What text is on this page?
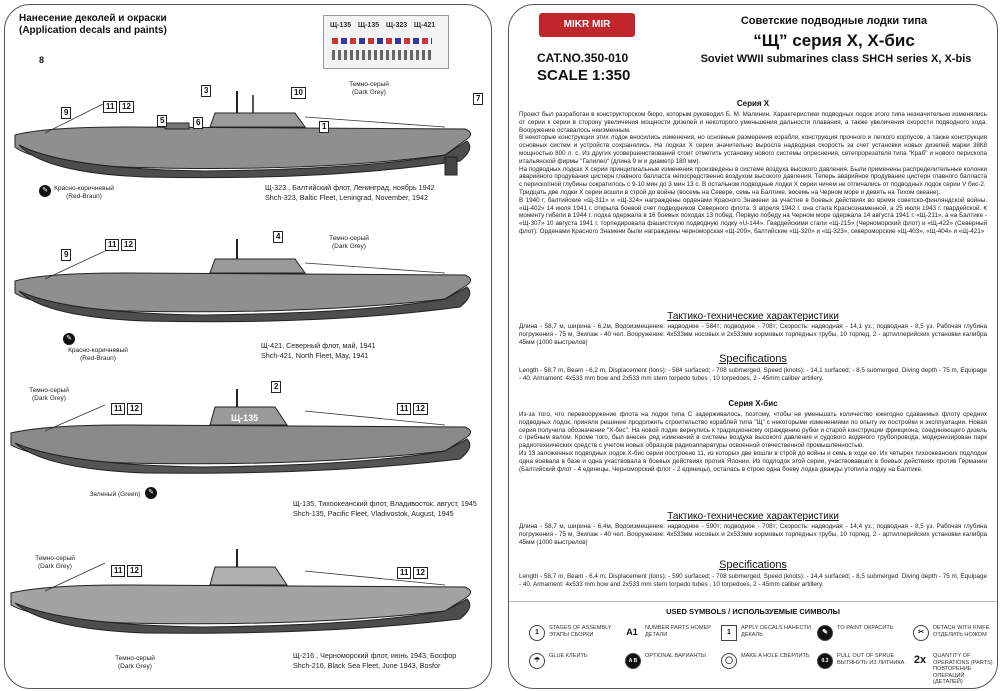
Нанесение деколей и окраски
(Application decals and paints)	Щ-135 Щ-135 Щ-323 Щ-421
8
3	10
9
11 12
5	6	1
7
Темно-серый
(Dark Grey)
✎ Красно-коричневый
(Red-Braun)
Щ-323 , Балтийский флот, Ленинград, ноябрь 1942
Shch-323, Baltic Fleet, Leningrad, November, 1942
9
11 12
4	Темно-серый
(Dark Grey)
✎
Красно-коричневый
(Red-Braun)
Щ-421, Северный флот, май, 1941
Shch-421, North Fleet, May, 1941
2
11 12	11 12
Щ-135
Темно-серый
(Dark Grey)
Зеленый (Green)	✎
Щ-135, Тихоокеанский флот, Владивосток, август, 1945
Shch-135, Pacific Fleet, Vladivostok, August, 1945
11 12	11 12
Темно-серый
(Dark Grey)
Темно-серый
(Dark Grey)
Щ-216 , Черноморский флот, июнь 1943, Босфор
Shch-216, Black Sea Fleet, June 1943, Bosfor
MIKR MIR
CAT.NO.350-010
SCALE 1:350
Советские подводные лодки типа
“Щ” серия Х, Х-бис
Soviet WWII submarines class SHCH series X, X-bis
Серия Х
Проект был разработан в конструкторском бюро, которым руководил Б. М. Малинин. Характеристики подводных лодок этого типа незначительно изменялись от серии к серии в сторону увеличения мощности дизелей и некоторого уменьшения дальности плавания, а также увеличения скорости подводного хода. Вооружение оставалось неизменным.
В некоторые конструкции этих лодок вносились изменения, но основные размерения корабля, конструкция прочного и легкого корпусов, а также конструкция основных систем и устройств сохранялись. На лодках Х серии значительно выросла надводная скорость за счет установки новых дизелей марки 38К8 мощностью 800 л. с. Из других усовершенствований стоит отметить установку нового системы опреснения, сетепрорезателя типа "Краб" и нового перископа итальянской фирмы "Галилео" (длина 9 м и диаметр 180 мм).
На подводных лодках Х серии принципиальные изменения произведены в системе воздуха высокого давления. Были применены распределительные колонки аварийного продувания цистерн главного балласта непосредственно воздухом высокого давления. Теперь аварийное продувание цистерн главного балласта с перископной глубины сократилось с 9-10 мин до 3 мин 13 с. В остальном подводные лодки Х серии ничем не отличались от подводных лодок серии V бис-2.
Тридцать две лодки Х серии вошли в строй до войны (восемь на Севере, семь на Балтике, восемь на Черном море и девять на Тихом океане).
В 1940 г. балтийские «Щ-311» и «Щ-324» награждены орденами Красного Знамени за участие в боевых действиях во время советско-финляндской войны. «Щ-402» 14 июля 1941 г. открыла боевой счет подводников Северного флота. 3 апреля 1942 г. она стала Краснознаменной, а 25 июля 1943 г. гвардейской. К моменту гибели в 1944 г. лодка одержала в 16 боевых походах 13 побед. Первую победу на Черном море одержала 14 августа 1941 г. «Щ-211», а на Балтике - «Щ-307» 10 августа 1941 г. торпедировала фашистскую подводную лодку «U-144». Гвардейскими стали «Щ-215» (Черноморский флот) и «Щ-422» (Северный флот). Орденами Красного Знамени были награждены черноморская «Щ-209», балтийские «Щ-320» и «Щ-323», североморские «Щ-403», «Щ-404» и «Щ-421»
Тактико-технические характеристики
Длина - 58,7 м, ширина - 6,2м, Водоизмещение: надводное - 584т; подводное - 708т; Скорость: надводная - 14,1 уз.; подводная - 8,5 уз. Рабочая глубина погружения - 75 м, Экипаж - 40 чел. Вооружение: 4х533мм носовых и 2х533мм кормовых торпедных трубы, 10 торпед, 2 - артиллерийских установки калибра 45мм (1000 выстрелов)
Specifications
Length - 58,7 m, Beam - 6,2 m, Displacement (tons): - 584 surfaced; - 708 submerged, Speed (knots): - 14,1 surfaced; - 8,5 submerged. Diving depth - 75 m, Equipage - 40. Armament: 4x533 mm bow and 2x533 mm stern torpedo tubes , 10 torpedoes, 2 - 45mm caliber artillery.
Серия Х-бис
Из-за того, что перевооружение флота на лодки типа С задерживалось, поэтому, чтобы не уменьшать количество ежегодно сдаваемых флоту средних подводных лодок, приняли решение продолжить строительство кораблей типа "Щ" с некоторыми изменениями по опыту их постройки и эксплуатации. Новая серия получила обозначение "Х-бис". На новой лодке вернулись к традиционному ограждению рубки и старой конструкции фрикциона, соединяющего дизель с гребным валом. Кроме того, был внесен ряд изменений в системы воздуха высокого давления и судового водяного трубопровода, модернизирован парк радиотехнических средств с учетом новых образцов радиоаппаратуры освоенной отечественной промышленностью.
Из 13 заложенных подводных лодок Х-бис серии построено 11, из которых две вошли в строй до войны и семь в ходе ее. Их четырех тихоокеанских подлодок одна воевала в базе и одна участвовала в боевых действиях против Японии. Из подлодок этой серии, участвовавших в боевых действиях против Германии (Балтийский флот - 4 единицы, Черноморский флот - 2 единицы), осталась в строю одна боеву лодка дважды утопила лодку на Балтике.
Тактико-технические характеристики
Длина - 58,7 м, ширина - 6,4м, Водоизмещение: надводное - 590т; подводное - 708т; Скорость: надводная - 14,4 уз.; подводная - 8,5 уз. Рабочая глубина погружения - 75 м, Экипаж - 40 чел. Вооружение: 4х533мм носовых и 2х533мм кормовых торпедных трубы, 10 торпед, 2 - артиллерийских установки калибра 45мм (1000 выстрелов)
Specifications
Length - 58,7 m, Beam - 6,4 m, Displacement (tons): - 590 surfaced; - 708 submerged, Speed (knots): - 14,4 surfaced; - 8,5 submerged. Diving depth - 75 m, Equipage - 40. Armament: 4x533 mm bow and 2x533 mm stern torpedo tubes , 10 torpedoes, 2 - 45mm caliber artillery.
USED SYMBOLS / ИСПОЛЬЗУЕМЫЕ СИМВОЛЫ
1
STAGES OF ASSEMBLY ЭТАПЫ СБОРКИ	A1 NUMBER PARTS НОМЕР ДЕТАЛИ	1
APPLY DECALS НАНЕСТИ ДЕКАЛЬ	✎
TO PAINT ОКРАСИТЬ
✂
DETACH WITH KNIFE ОТДЕЛИТЬ НОЖОМ
☂
GLUE КЛЕИТЬ
A B
OPTIONAL ВАРИАНТЫ
◯
MAKE A HOLE СВЕРЛИТЬ
0.3
PULL OUT OF SPRUE ВЫТЯНУТЬ ИЗ ЛИТНИКА 2x QUANTITY OF OPERATIONS (PARTS) ПОВТОРЕНИЕ ОПЕРАЦИЙ (ДЕТАЛЕЙ)
